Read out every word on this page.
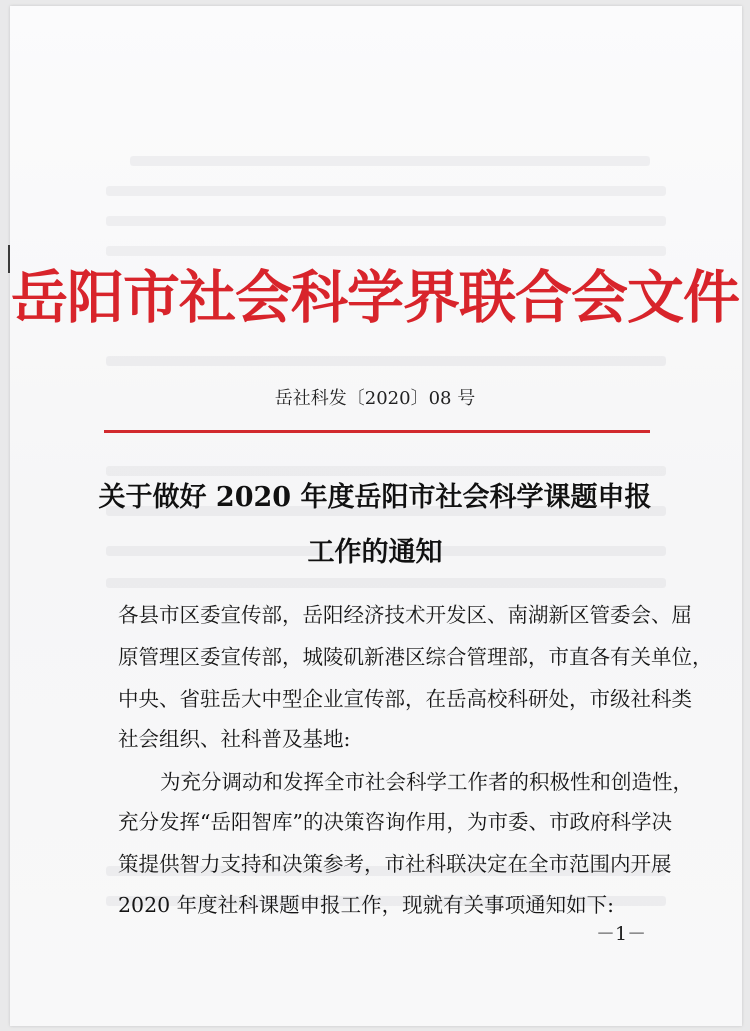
岳阳市社会科学界联合会文件
岳社科发〔2020〕08 号
关于做好 2020 年度岳阳市社会科学课题申报
工作的通知
各县市区委宣传部，岳阳经济技术开发区、南湖新区管委会、屈
原管理区委宣传部，城陵矶新港区综合管理部，市直各有关单位，
中央、省驻岳大中型企业宣传部，在岳高校科研处，市级社科类
社会组织、社科普及基地:
为充分调动和发挥全市社会科学工作者的积极性和创造性，
充分发挥“岳阳智库”的决策咨询作用，为市委、市政府科学决
策提供智力支持和决策参考，市社科联决定在全市范围内开展
2020 年度社科课题申报工作，现就有关事项通知如下:
－1－
